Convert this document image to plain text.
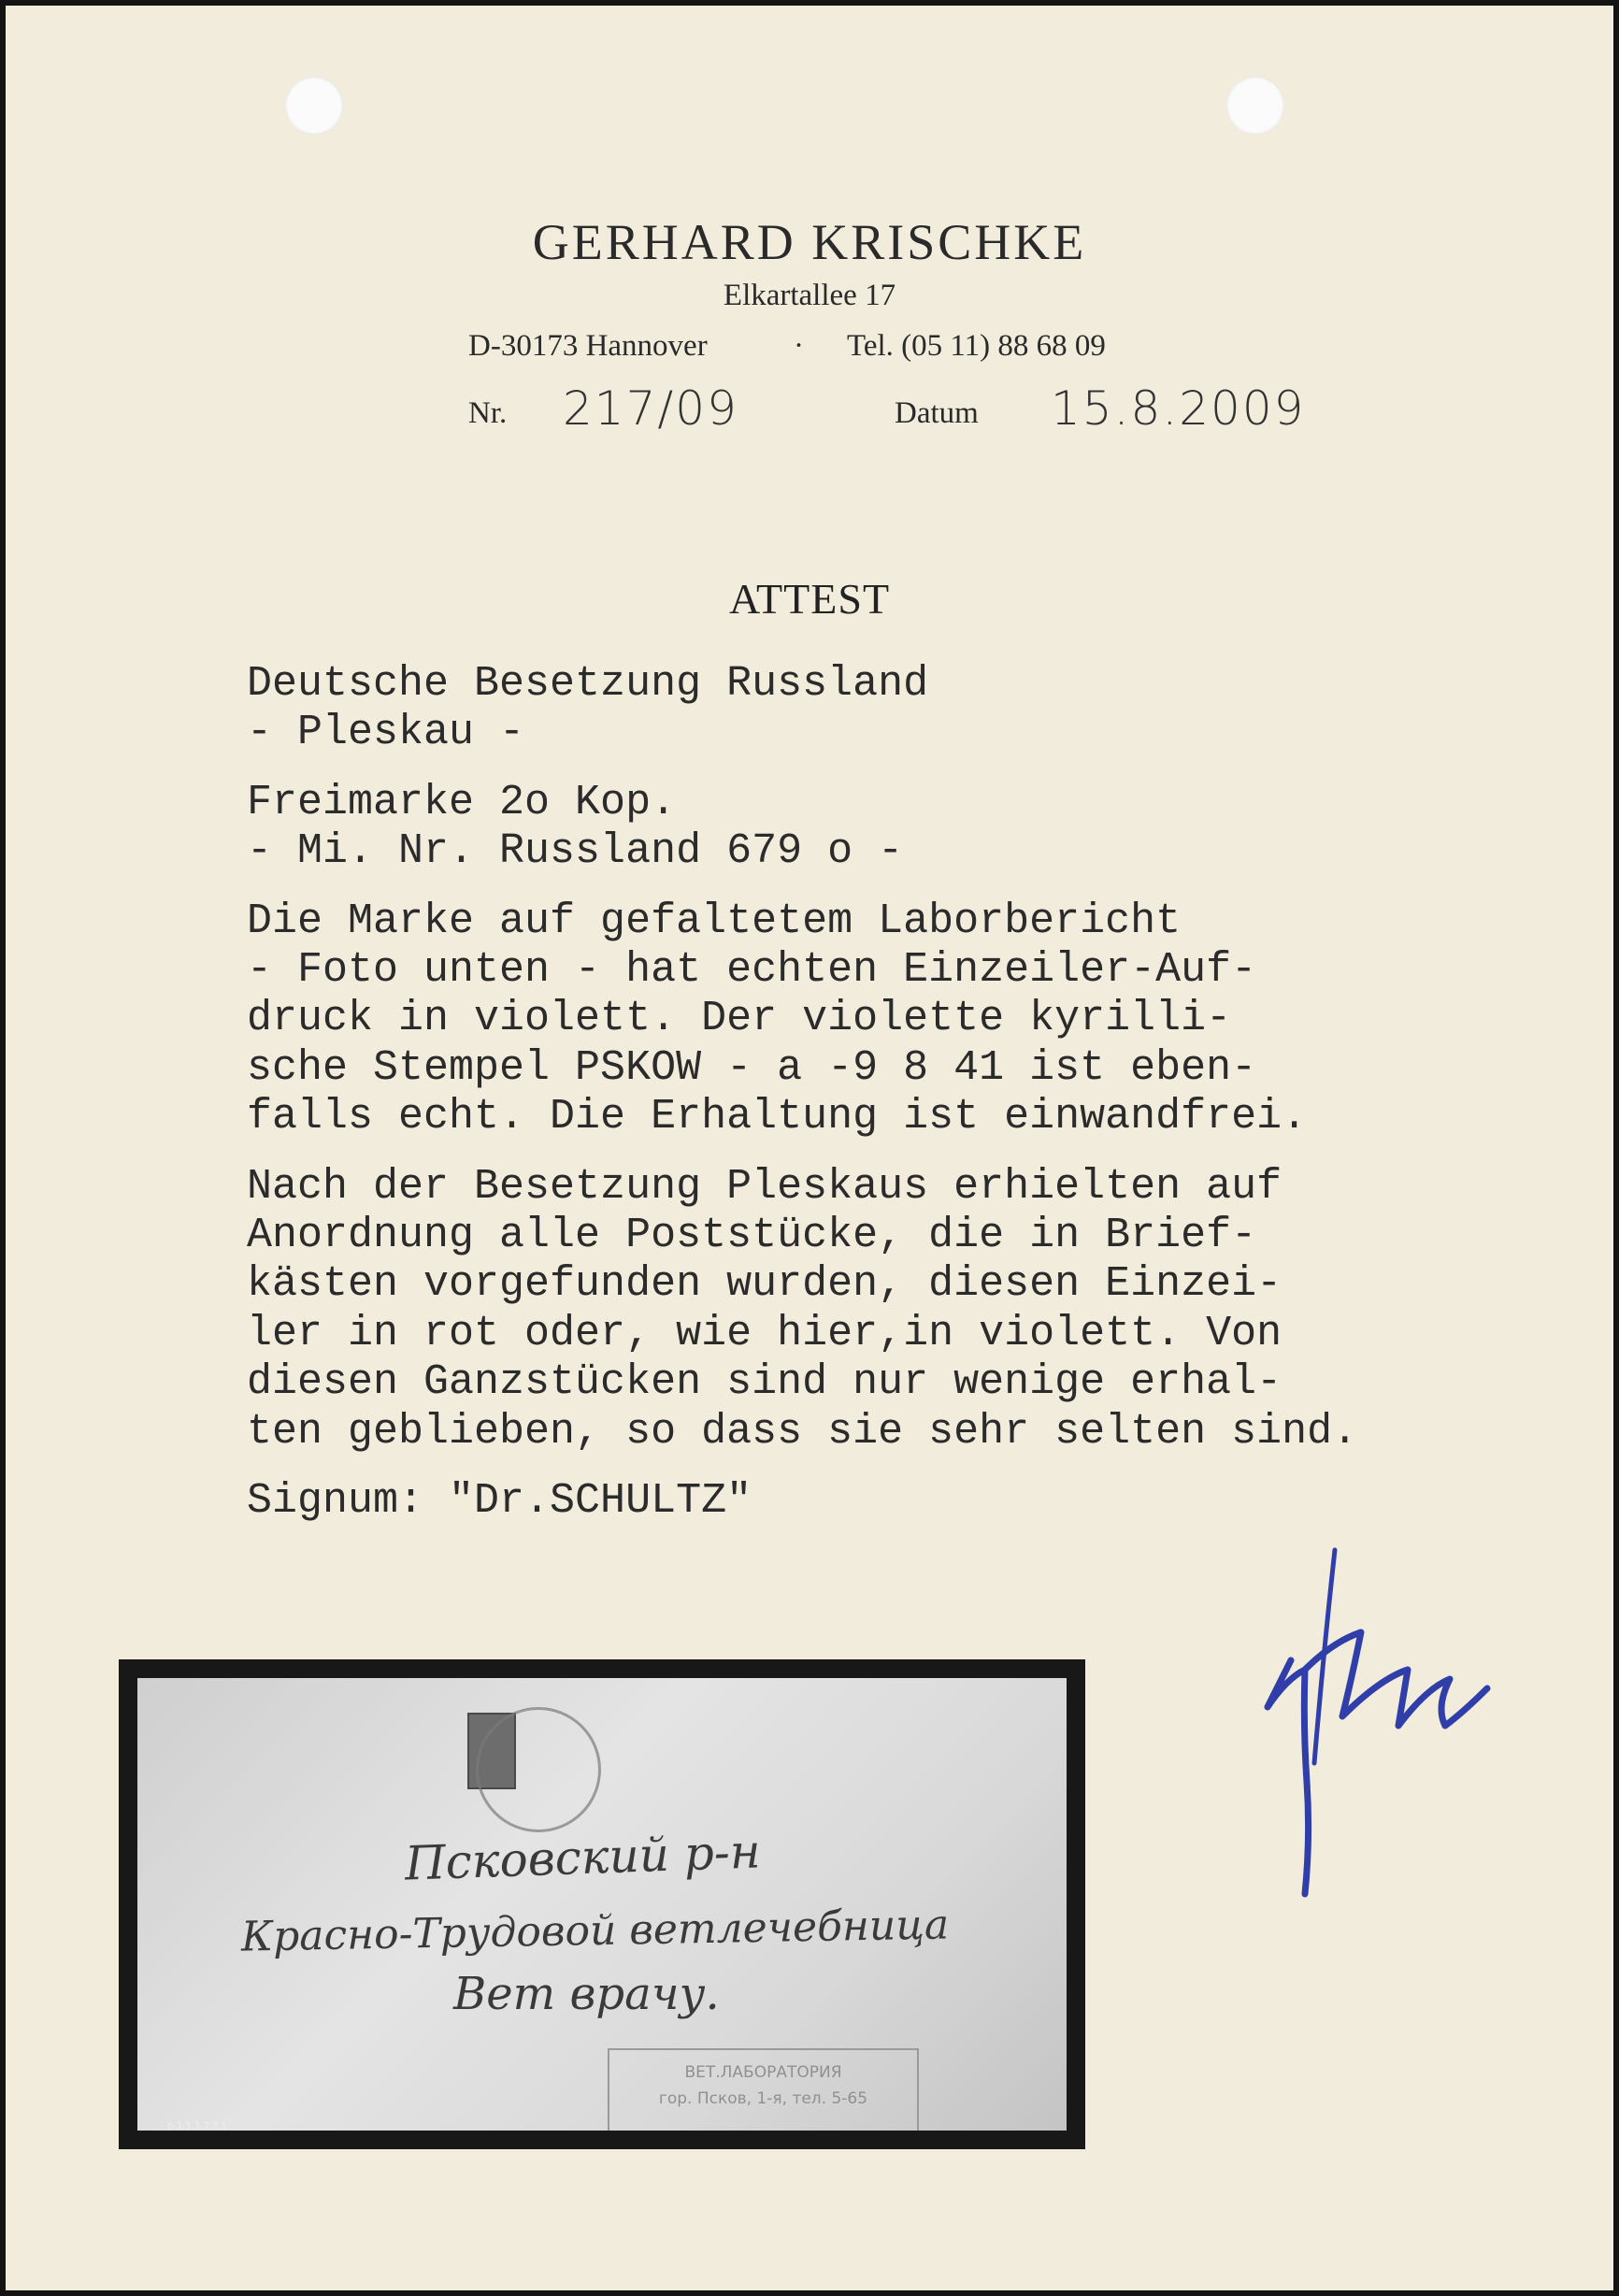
GERHARD KRISCHKE
Elkartallee 17
D-30173 Hannover	· Tel. (05 11) 88 68 09
Nr. 217/09	Datum 15.8.2009
ATTEST
Deutsche Besetzung Russland
- Pleskau -
Freimarke 2o Kop.
- Mi. Nr. Russland 679 o -
Die Marke auf gefaltetem Laborbericht
- Foto unten - hat echten Einzeiler-Auf-
druck in violett. Der violette kyrilli-
sche Stempel PSKOW - a -9 8 41 ist eben-
falls echt. Die Erhaltung ist einwandfrei.
Nach der Besetzung Pleskaus erhielten auf
Anordnung alle Poststücke, die in Brief-
kästen vorgefunden wurden, diesen Einzei-
ler in rot oder, wie hier,in violett. Von
diesen Ganzstücken sind nur wenige erhal-
ten geblieben, so dass sie sehr selten sind.
Signum: "Dr.SCHULTZ"
Псковский р-н
Красно-Трудовой ветлечебница
Вет врачу.
ВЕТ.ЛАБОРАТОРИЯ
гор. Псков, 1-я, тел. 5-65
6-1.1.1.7.8.1
